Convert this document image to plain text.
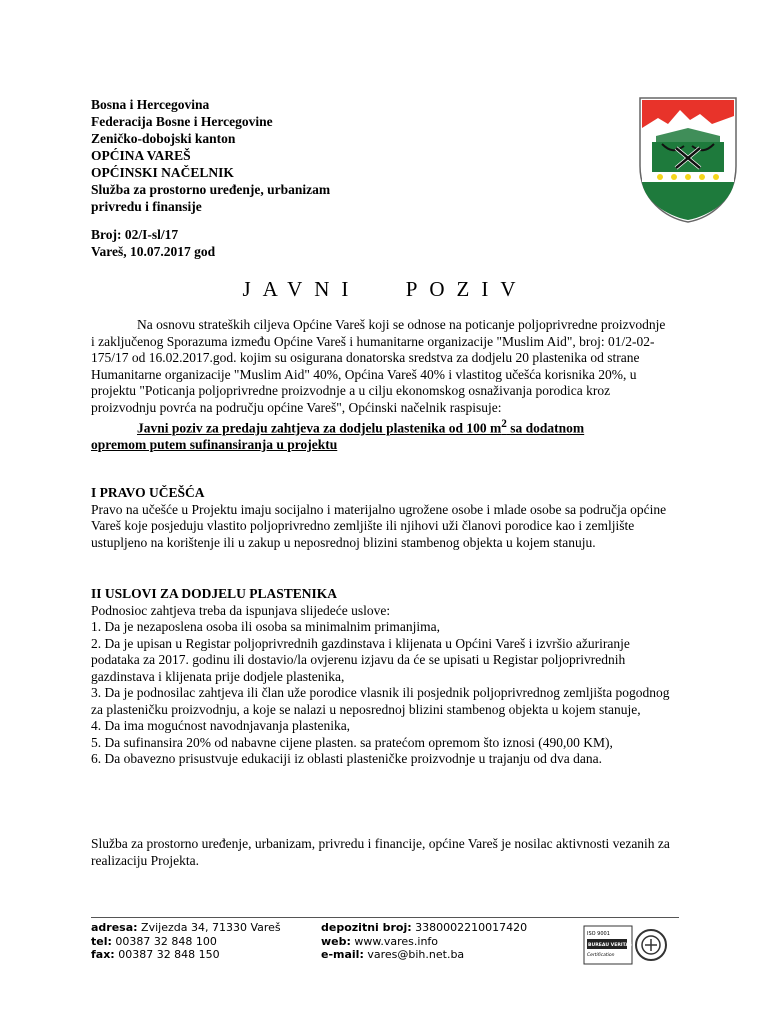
Bosna i Hercegovina
Federacija Bosne i Hercegovine
Zeničko-dobojski kanton
OPĆINA VAREŠ
OPĆINSKI NAČELNIK
Služba za prostorno uređenje, urbanizam
privredu i finansije
Broj: 02/I-sl/17
Vareš, 10.07.2017 god
JAVNI POZIV

Na osnovu strateških ciljeva Općine Vareš koji se odnose na poticanje poljoprivredne proizvodnje i zaključenog Sporazuma između Općine Vareš i humanitarne organizacije "Muslim Aid", broj: 01/2-02-175/17 od 16.02.2017.god. kojim su osigurana donatorska sredstva za dodjelu 20 plastenika od strane Humanitarne organizacije "Muslim Aid" 40%, Općina Vareš 40% i vlastitog učešća korisnika 20%, u projektu "Poticanja poljoprivredne proizvodnje a u cilju ekonomskog osnaživanja porodica kroz proizvodnju povrća na području općine Vareš", Općinski načelnik raspisuje:

Javni poziv za predaju zahtjeva za dodjelu plastenika od 100 $m^2$ sa dodatnom
opremom putem sufinansiranja u projektu

I PRAVO UČEŠĆA

Pravo na učešće u Projektu imaju socijalno i materijalno ugrožene osobe i mlade osobe sa područja općine Vareš koje posjeduju vlastito poljoprivredno zemljište ili njihovi uži članovi porodice kao i zemljište ustupljeno na korištenje ili u zakup u neposrednoj blizini stambenog objekta u kojem stanuju.

II USLOVI ZA DODJELU PLASTENIKA

Podnosioc zahtjeva treba da ispunjava slijedeće uslove:

1. Da je nezaposlena osoba ili osoba sa minimalnim primanjima,

2. Da je upisan u Registar poljoprivrednih gazdinstava i klijenata u Općini Vareš i izvršio ažuriranje podataka za 2017. godinu ili dostavio/la ovjerenu izjavu da će se upisati u Registar poljoprivrednih gazdinstava i klijenata prije dodjele plastenika,

3. Da je podnosilac zahtjeva ili član uže porodice vlasnik ili posjednik poljoprivrednog zemljišta pogodnog za plasteničku proizvodnju, a koje se nalazi u neposrednoj blizini stambenog objekta u kojem stanuje,

4. Da ima mogućnost navodnjavanja plastenika,

5. Da sufinansira 20% od nabavne cijene plasten. sa pratećom opremom što iznosi (490,00 KM),

6. Da obavezno prisustvuje edukaciji iz oblasti plasteničke proizvodnje u trajanju od dva dana.

Služba za prostorno uređenje, urbanizam, privredu i financije, općine Vareš je nosilac aktivnosti vezanih za realizaciju Projekta.

adresa: Zvijezda 34, 71330 Vareš
tel: 00387 32 848 100
fax: 00387 32 848 150
depozitni broj: 3380002210017420
web: www.vares.info
e-mail: vares@bih.net.ba
ISO 9001
BUREAU VERITAS
Certification
